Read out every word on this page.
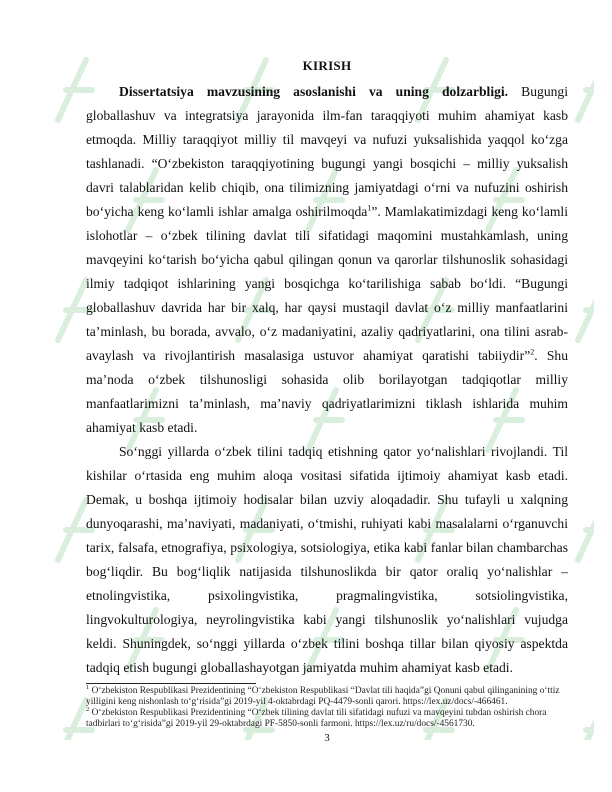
KIRISH

Dissertatsiya mavzusining asoslanishi va uning dolzarbligi. Bugungi globallashuv va integratsiya jarayonida ilm-fan taraqqiyoti muhim ahamiyat kasb etmoqda. Milliy taraqqiyot milliy til mavqeyi va nufuzi yuksalishida yaqqol ko‘zga tashlanadi. “O‘zbekiston taraqqiyotining bugungi yangi bosqichi – milliy yuksalish davri talablaridan kelib chiqib, ona tilimizning jamiyatdagi o‘rni va nufuzini oshirish bo‘yicha keng ko‘lamli ishlar amalga oshirilmoqda$^1$”. Mamlakatimizdagi keng ko‘lamli islohotlar – o‘zbek tilining davlat tili sifatidagi maqomini mustahkamlash, uning mavqeyini ko‘tarish bo‘yicha qabul qilingan qonun va qarorlar tilshunoslik sohasidagi ilmiy tadqiqot ishlarining yangi bosqichga ko‘tarilishiga sabab bo‘ldi. “Bugungi globallashuv davrida har bir xalq, har qaysi mustaqil davlat o‘z milliy manfaatlarini ta’minlash, bu borada, avvalo, o‘z madaniyatini, azaliy qadriyatlarini, ona tilini asrab-avaylash va rivojlantirish masalasiga ustuvor ahamiyat qaratishi tabiiydir”$^2$. Shu ma’noda o‘zbek tilshunosligi sohasida olib borilayotgan tadqiqotlar milliy manfaatlarimizni ta’minlash, ma’naviy qadriyatlarimizni tiklash ishlarida muhim ahamiyat kasb etadi.

So‘nggi yillarda o‘zbek tilini tadqiq etishning qator yo‘nalishlari rivojlandi. Til kishilar o‘rtasida eng muhim aloqa vositasi sifatida ijtimoiy ahamiyat kasb etadi. Demak, u boshqa ijtimoiy hodisalar bilan uzviy aloqadadir. Shu tufayli u xalqning dunyoqarashi, ma’naviyati, madaniyati, o‘tmishi, ruhiyati kabi masalalarni o‘rganuvchi tarix, falsafa, etnografiya, psixologiya, sotsiologiya, etika kabi fanlar bilan chambarchas bog‘liqdir. Bu bog‘liqlik natijasida tilshunoslikda bir qator oraliq yo‘nalishlar – etnolingvistika, psixolingvistika, pragmalingvistika, sotsiolingvistika, lingvokulturologiya, neyrolingvistika kabi yangi tilshunoslik yo‘nalishlari vujudga keldi. Shuningdek, so‘nggi yillarda o‘zbek tilini boshqa tillar bilan qiyosiy aspektda tadqiq etish bugungi globallashayotgan jamiyatda muhim ahamiyat kasb etadi.

$^1$ O‘zbekiston Respublikasi Prezidentining “O‘zbekiston Respublikasi “Davlat tili haqida”gi Qonuni qabul qilinganining o‘ttiz yilligini keng nishonlash to‘g‘risida”gi 2019-yil 4-oktabrdagi PQ-4479-sonli qarori. https://lex.uz/docs/-466461.

$^2$ O‘zbekiston Respublikasi Prezidentining “O‘zbek tilining davlat tili sifatidagi nufuzi va mavqeyini tubdan oshirish chora tadbirlari to‘g‘risida”gi 2019-yil 29-oktabrdagi PF-5850-sonli farmoni. https://lex.uz/ru/docs/-4561730.

3
